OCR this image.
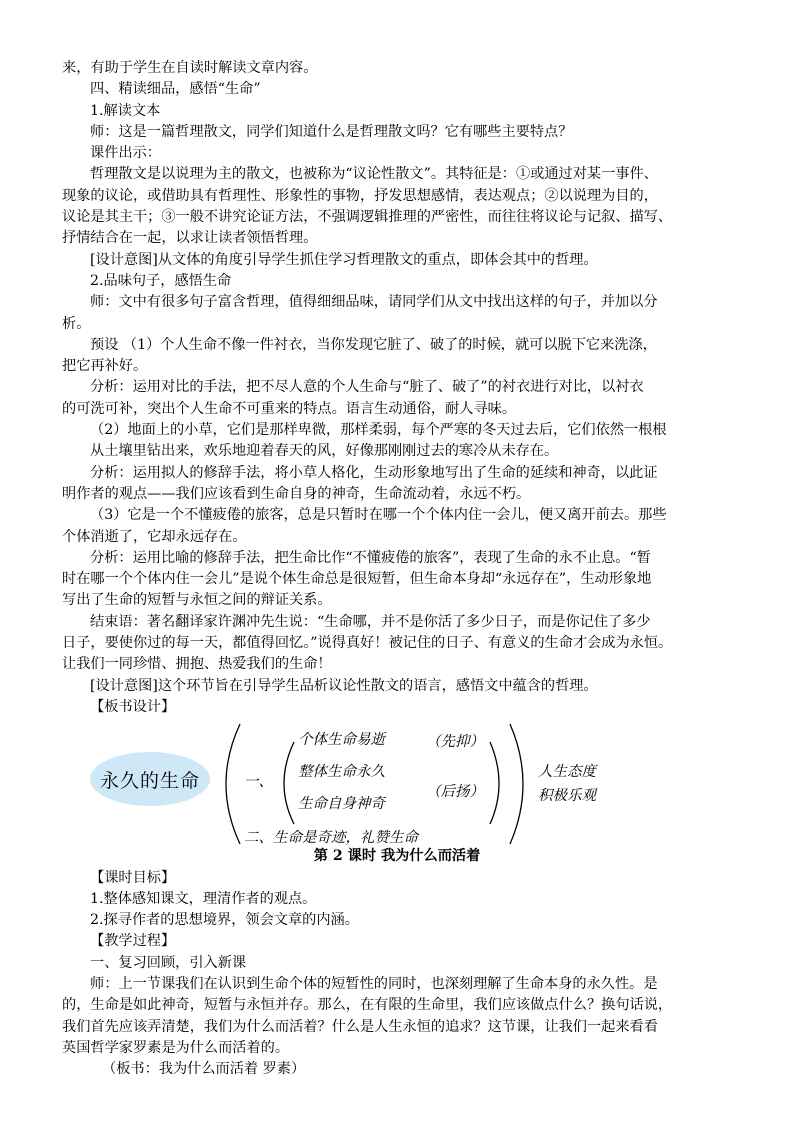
来，有助于学生在自读时解读文章内容。
四、精读细品，感悟“生命”
1.解读文本
师：这是一篇哲理散文，同学们知道什么是哲理散文吗？它有哪些主要特点？
课件出示：
哲理散文是以说理为主的散文，也被称为“议论性散文”。其特征是：①或通过对某一事件、
现象的议论，或借助具有哲理性、形象性的事物，抒发思想感情，表达观点；②以说理为目的，
议论是其主干；③一般不讲究论证方法，不强调逻辑推理的严密性，而往往将议论与记叙、描写、
抒情结合在一起，以求让读者领悟哲理。
[设计意图]从文体的角度引导学生抓住学习哲理散文的重点，即体会其中的哲理。
2.品味句子，感悟生命
师：文中有很多句子富含哲理，值得细细品味，请同学们从文中找出这样的句子，并加以分
析。
预设 （1）个人生命不像一件衬衣，当你发现它脏了、破了的时候，就可以脱下它来洗涤，
把它再补好。
分析：运用对比的手法，把不尽人意的个人生命与“脏了、破了”的衬衣进行对比，以衬衣
的可洗可补，突出个人生命不可重来的特点。语言生动通俗，耐人寻味。
（2）地面上的小草，它们是那样卑微，那样柔弱，每个严寒的冬天过去后，它们依然一根根
从土壤里钻出来，欢乐地迎着春天的风，好像那刚刚过去的寒冷从未存在。
分析：运用拟人的修辞手法，将小草人格化，生动形象地写出了生命的延续和神奇，以此证
明作者的观点——我们应该看到生命自身的神奇，生命流动着，永远不朽。
（3）它是一个不懂疲倦的旅客，总是只暂时在哪一个个体内住一会儿，便又离开前去。那些
个体消逝了，它却永远存在。
分析：运用比喻的修辞手法，把生命比作“不懂疲倦的旅客”，表现了生命的永不止息。“暂
时在哪一个个体内住一会儿”是说个体生命总是很短暂，但生命本身却“永远存在”，生动形象地
写出了生命的短暂与永恒之间的辩证关系。
结束语：著名翻译家许渊冲先生说：“生命哪，并不是你活了多少日子，而是你记住了多少
日子，要使你过的每一天，都值得回忆。”说得真好！被记住的日子、有意义的生命才会成为永恒。
让我们一同珍惜、拥抱、热爱我们的生命！
[设计意图]这个环节旨在引导学生品析议论性散文的语言，感悟文中蕴含的哲理。
【板书设计】
永久的生命	一、
个体生命易逝
整体生命永久
生命自身神奇
（先抑）
（后扬）
人生态度
积极乐观
二、生命是奇迹，礼赞生命
第 2 课时 我为什么而活着
【课时目标】
1.整体感知课文，理清作者的观点。
2.探寻作者的思想境界，领会文章的内涵。
【教学过程】
一、复习回顾，引入新课
师：上一节课我们在认识到生命个体的短暂性的同时，也深刻理解了生命本身的永久性。是
的，生命是如此神奇，短暂与永恒并存。那么，在有限的生命里，我们应该做点什么？换句话说，
我们首先应该弄清楚，我们为什么而活着？什么是人生永恒的追求？这节课，让我们一起来看看
英国哲学家罗素是为什么而活着的。
（板书：我为什么而活着 罗素）
